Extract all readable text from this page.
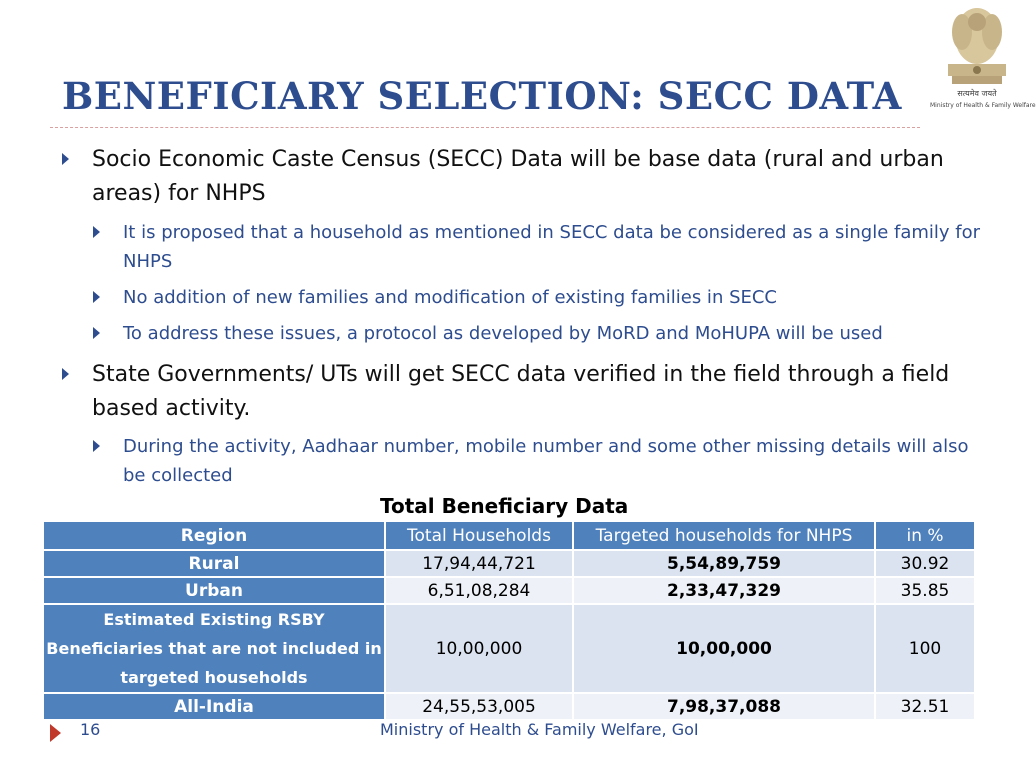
BENEFICIARY SELECTION: SECC DATA	सत्यमेव जयते
Ministry of Health & Family Welfare
Socio Economic Caste Census (SECC) Data will be base data (rural and urban areas) for NHPS
It is proposed that a household as mentioned in SECC data be considered as a single family for NHPS
No addition of new families and modification of existing families in SECC
To address these issues, a protocol as developed by MoRD and MoHUPA will be used
State Governments/ UTs will get SECC data verified in the field through a field based activity.
During the activity, Aadhaar number, mobile number and some other missing details will also be collected
Total Beneficiary Data
Region	Total Households	Targeted households for NHPS	in %
Rural	17,94,44,721	5,54,89,759	30.92
Urban	6,51,08,284	2,33,47,329	35.85
Estimated Existing RSBY Beneficiaries that are not included in targeted households	10,00,000	10,00,000	100
All-India	24,55,53,005	7,98,37,088	32.51
16	Ministry of Health & Family Welfare, GoI
